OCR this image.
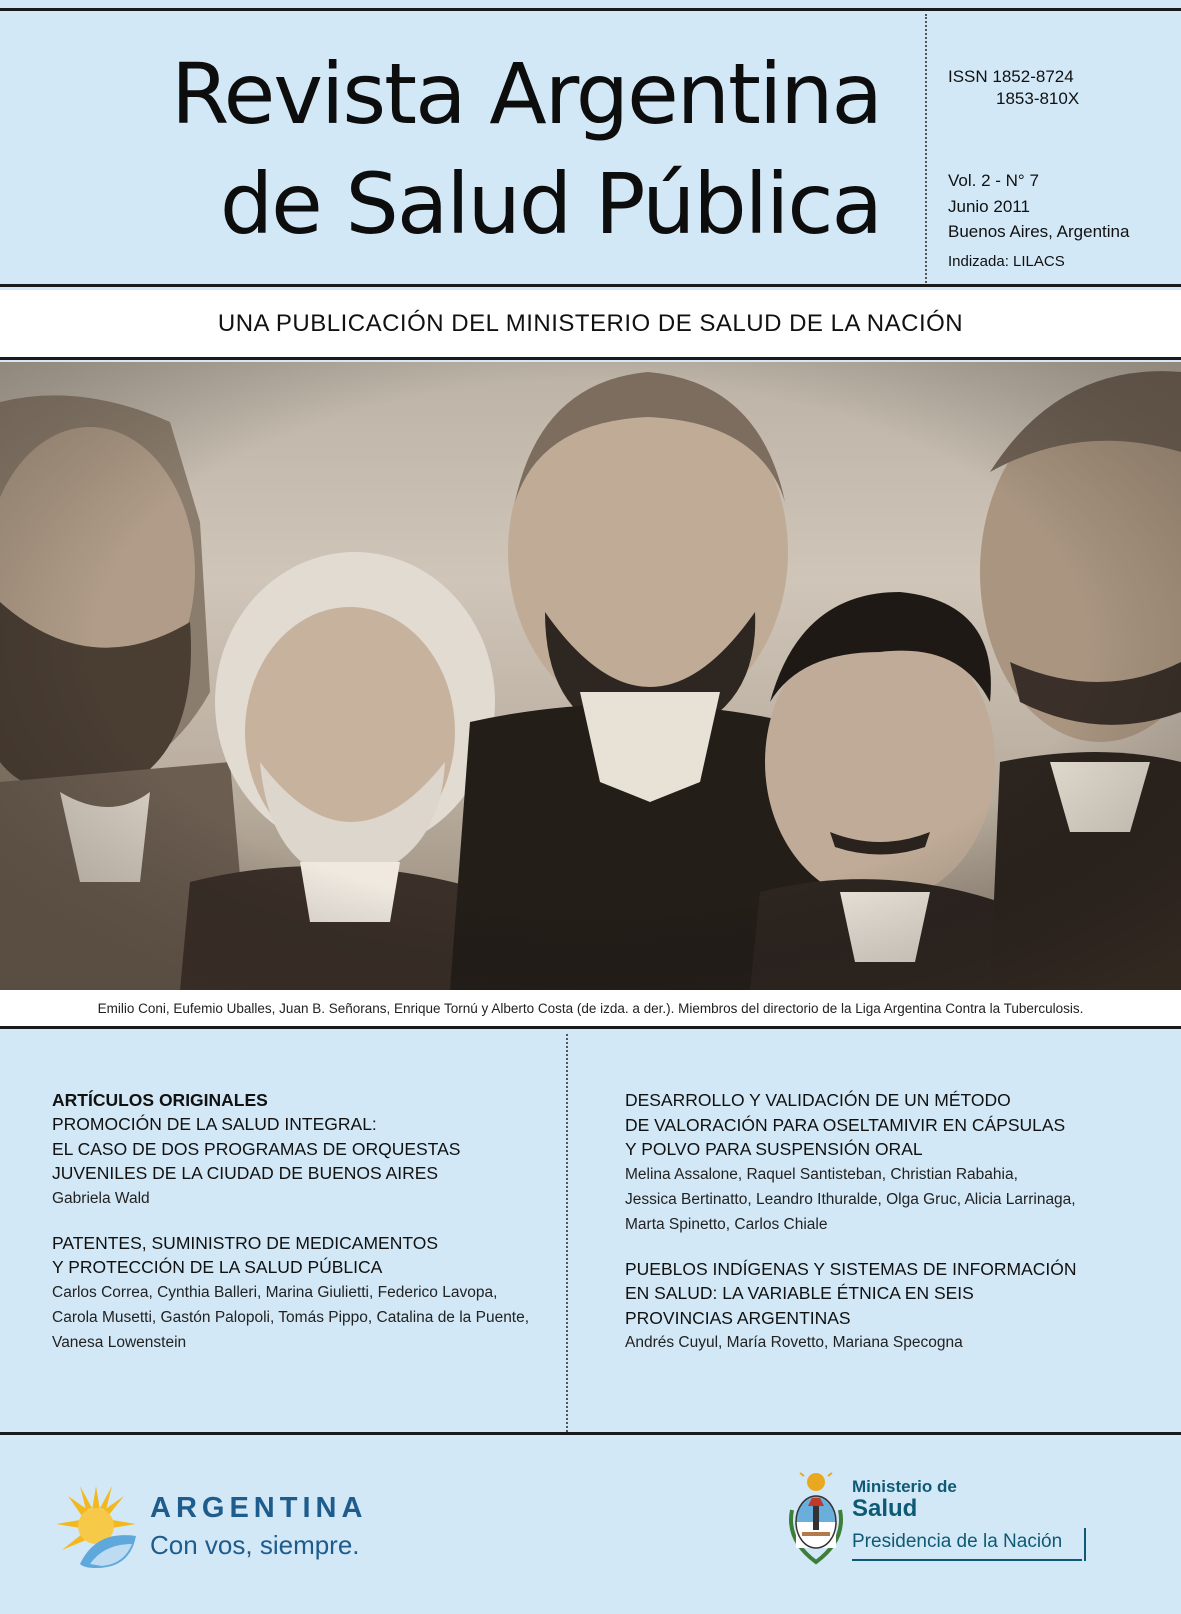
Revista Argentina
de Salud Pública
ISSN 1852-8724
1853-810X
Vol. 2 - N° 7
Junio 2011
Buenos Aires, Argentina
Indizada: LILACS
UNA PUBLICACIÓN DEL MINISTERIO DE SALUD DE LA NACIÓN
Emilio Coni, Eufemio Uballes, Juan B. Señorans, Enrique Tornú y Alberto Costa (de izda. a der.). Miembros del directorio de la Liga Argentina Contra la Tuberculosis.

ARTÍCULOS ORIGINALES

PROMOCIÓN DE LA SALUD INTEGRAL:

EL CASO DE DOS PROGRAMAS DE ORQUESTAS

JUVENILES DE LA CIUDAD DE BUENOS AIRES

Gabriela Wald

PATENTES, SUMINISTRO DE MEDICAMENTOS

Y PROTECCIÓN DE LA SALUD PÚBLICA

Carlos Correa, Cynthia Balleri, Marina Giulietti, Federico Lavopa,

Carola Musetti, Gastón Palopoli, Tomás Pippo, Catalina de la Puente,

Vanesa Lowenstein

DESARROLLO Y VALIDACIÓN DE UN MÉTODO

DE VALORACIÓN PARA OSELTAMIVIR EN CÁPSULAS

Y POLVO PARA SUSPENSIÓN ORAL

Melina Assalone, Raquel Santisteban, Christian Rabahia,

Jessica Bertinatto, Leandro Ithuralde, Olga Gruc, Alicia Larrinaga,

Marta Spinetto, Carlos Chiale

PUEBLOS INDÍGENAS Y SISTEMAS DE INFORMACIÓN

EN SALUD: LA VARIABLE ÉTNICA EN SEIS

PROVINCIAS ARGENTINAS

Andrés Cuyul, María Rovetto, Mariana Specogna

ARGENTINA
Con vos, siempre.
Ministerio de
Salud
Presidencia de la Nación
